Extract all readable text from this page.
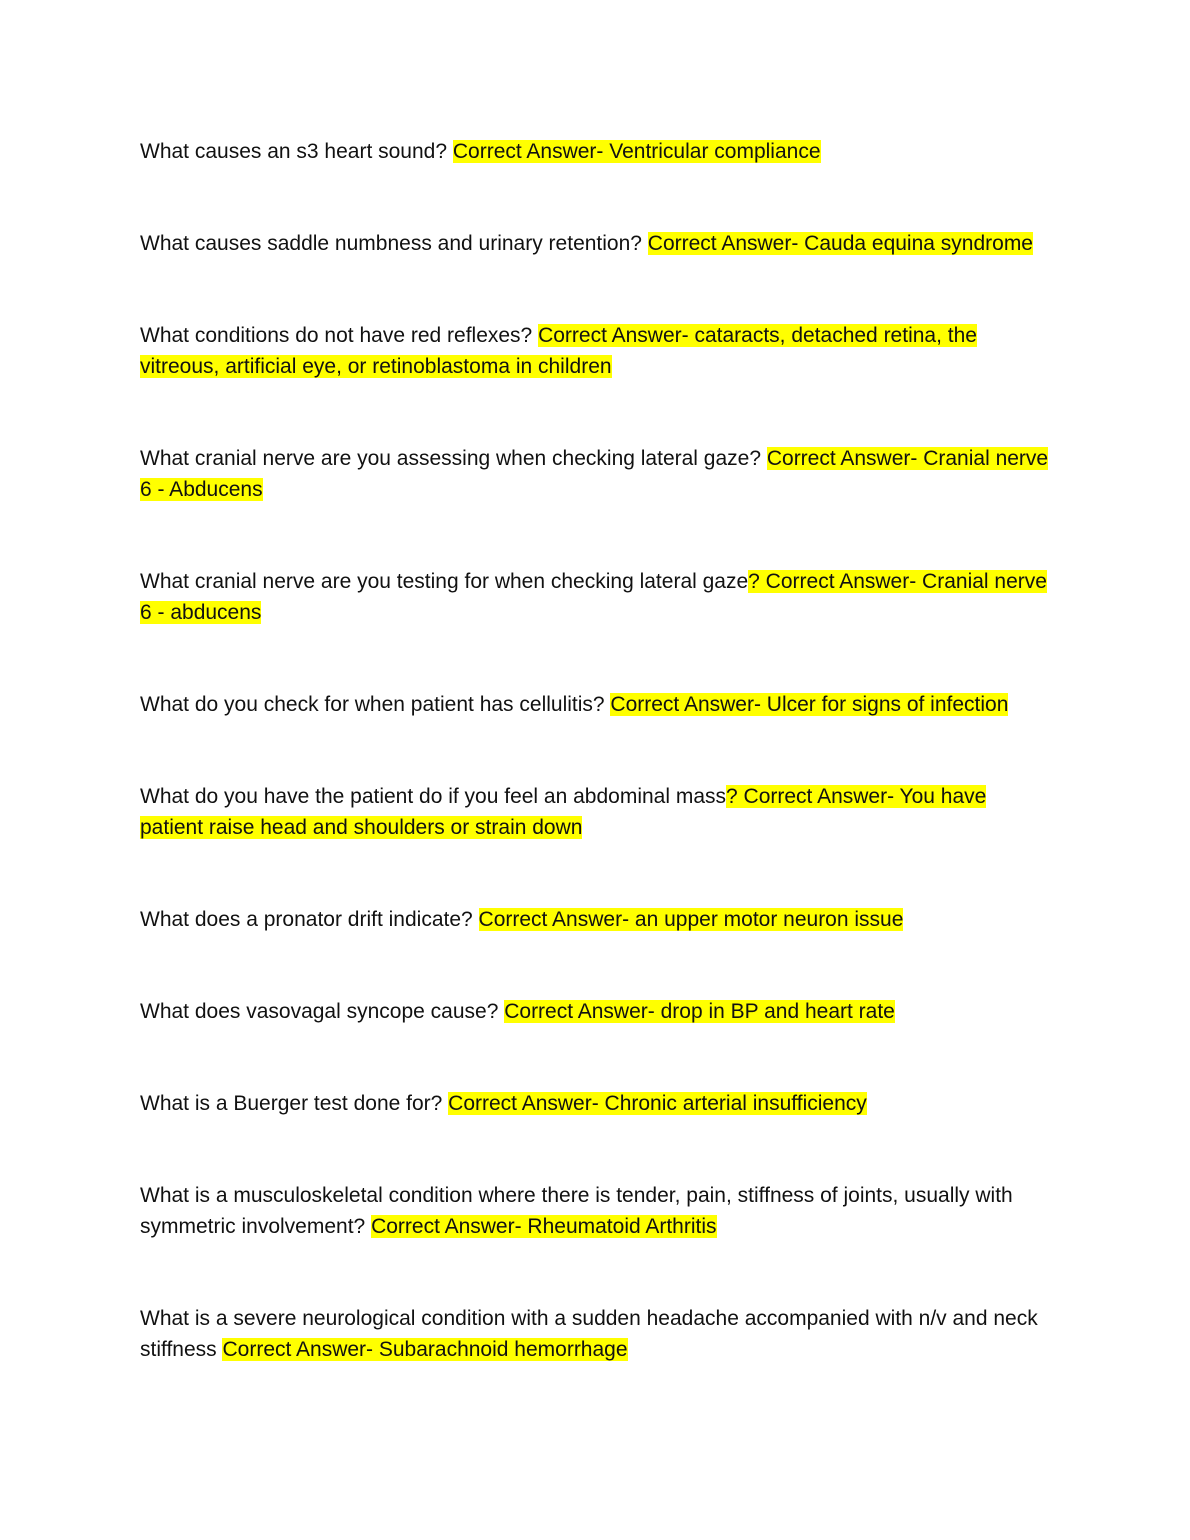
What causes an s3 heart sound? Correct Answer- Ventricular compliance

What causes saddle numbness and urinary retention? Correct Answer- Cauda equina syndrome

What conditions do not have red reflexes? Correct Answer- cataracts, detached retina, the vitreous, artificial eye, or retinoblastoma in children

What cranial nerve are you assessing when checking lateral gaze? Correct Answer- Cranial nerve 6 - Abducens

What cranial nerve are you testing for when checking lateral gaze? Correct Answer- Cranial nerve 6 - abducens

What do you check for when patient has cellulitis? Correct Answer- Ulcer for signs of infection

What do you have the patient do if you feel an abdominal mass? Correct Answer- You have patient raise head and shoulders or strain down

What does a pronator drift indicate? Correct Answer- an upper motor neuron issue

What does vasovagal syncope cause? Correct Answer- drop in BP and heart rate

What is a Buerger test done for? Correct Answer- Chronic arterial insufficiency

What is a musculoskeletal condition where there is tender, pain, stiffness of joints, usually with symmetric involvement? Correct Answer- Rheumatoid Arthritis

What is a severe neurological condition with a sudden headache accompanied with n/v and neck stiffness Correct Answer- Subarachnoid hemorrhage
